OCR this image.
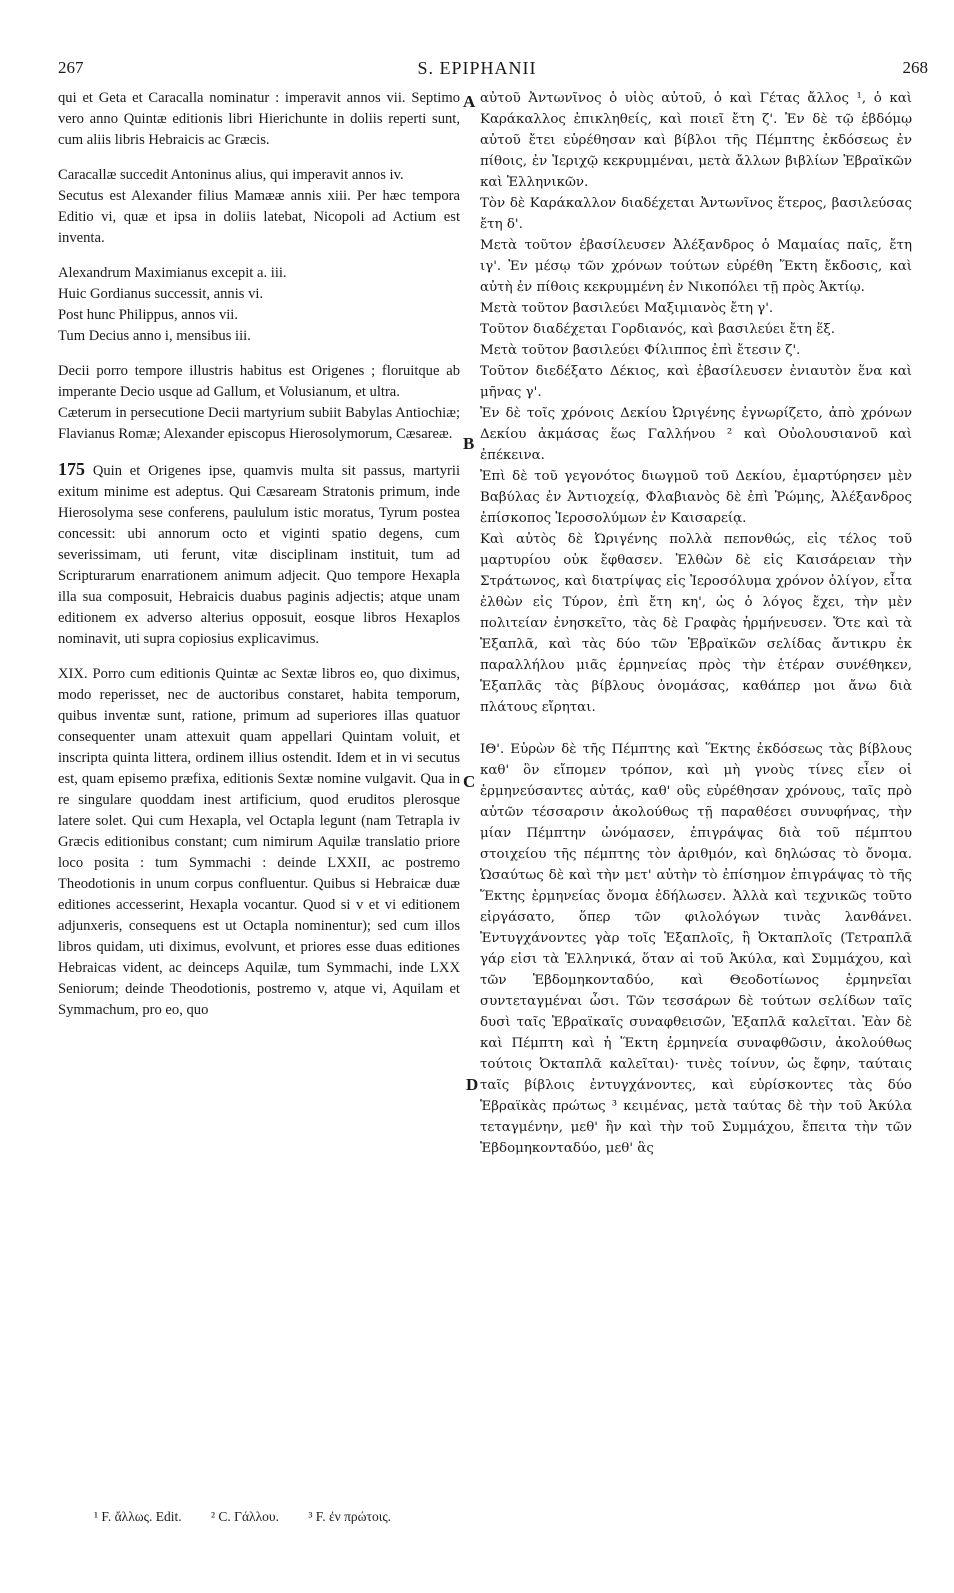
267	S. EPIPHANII	268

qui et Geta et Caracalla nominatur : imperavit annos vii. Septimo vero anno Quintæ editionis libri Hierichunte in doliis reperti sunt, cum aliis libris Hebraicis ac Græcis.

Caracallæ succedit Antoninus alius, qui imperavit annos iv.

Secutus est Alexander filius Mamææ annis xiii. Per hæc tempora Editio vi, quæ et ipsa in doliis latebat, Nicopoli ad Actium est inventa.

Alexandrum Maximianus excepit a. iii.

Huic Gordianus successit, annis vi.

Post hunc Philippus, annos vii.

Tum Decius anno i, mensibus iii.

Decii porro tempore illustris habitus est Origenes ; floruitque ab imperante Decio usque ad Gallum, et Volusianum, et ultra.

Cæterum in persecutione Decii martyrium subiit Babylas Antiochiæ; Flavianus Romæ; Alexander episcopus Hierosolymorum, Cæsareæ.

175 Quin et Origenes ipse, quamvis multa sit passus, martyrii exitum minime est adeptus. Qui Cæsaream Stratonis primum, inde Hierosolyma sese conferens, paululum istic moratus, Tyrum postea concessit: ubi annorum octo et viginti spatio degens, cum severissimam, uti ferunt, vitæ disciplinam instituit, tum ad Scripturarum enarrationem animum adjecit. Quo tempore Hexapla illa sua composuit, Hebraicis duabus paginis adjectis; atque unam editionem ex adverso alterius opposuit, eosque libros Hexaplos nominavit, uti supra copiosius explicavimus.

XIX. Porro cum editionis Quintæ ac Sextæ libros eo, quo diximus, modo reperisset, nec de auctoribus constaret, habita temporum, quibus inventæ sunt, ratione, primum ad superiores illas quatuor consequenter unam attexuit quam appellari Quintam voluit, et inscripta quinta littera, ordinem illius ostendit. Idem et in vi secutus est, quam episemo præfixa, editionis Sextæ nomine vulgavit. Qua in re singulare quoddam inest artificium, quod eruditos plerosque latere solet. Qui cum Hexapla, vel Octapla legunt (nam Tetrapla iv Græcis editionibus constant; cum nimirum Aquilæ translatio priore loco posita : tum Symmachi : deinde LXXII, ac postremo Theodotionis in unum corpus confluentur. Quibus si Hebraicæ duæ editiones accesserint, Hexapla vocantur. Quod si v et vi editionem adjunxeris, consequens est ut Octapla nominentur); sed cum illos libros quidam, uti diximus, evolvunt, et priores esse duas editiones Hebraicas vident, ac deinceps Aquilæ, tum Symmachi, inde LXX Seniorum; deinde Theodotionis, postremo v, atque vi, Aquilam et Symmachum, pro eo, quo

A
B
C
D

αὐτοῦ Ἀντωνῖνος ὁ υἱὸς αὐτοῦ, ὁ καὶ Γέτας ἄλλος ¹, ὁ καὶ Καράκαλλος ἐπικληθείς, καὶ ποιεῖ ἔτη ζ'. Ἐν δὲ τῷ ἑβδόμῳ αὐτοῦ ἔτει εὑρέθησαν καὶ βίβλοι τῆς Πέμπτης ἐκδόσεως ἐν πίθοις, ἐν Ἱεριχῷ κεκρυμμέναι, μετὰ ἄλλων βιβλίων Ἑβραϊκῶν καὶ Ἑλληνικῶν.

Τὸν δὲ Καράκαλλον διαδέχεται Ἀντωνῖνος ἕτερος, βασιλεύσας ἔτη δ'.

Μετὰ τοῦτον ἐβασίλευσεν Ἀλέξανδρος ὁ Μαμαίας παῖς, ἔτη ιγ'. Ἐν μέσῳ τῶν χρόνων τούτων εὑρέθη Ἕκτη ἔκδοσις, καὶ αὐτὴ ἐν πίθοις κεκρυμμένη ἐν Νικοπόλει τῇ πρὸς Ἀκτίῳ.

Μετὰ τοῦτον βασιλεύει Μαξιμιανὸς ἔτη γ'.

Τοῦτον διαδέχεται Γορδιανός, καὶ βασιλεύει ἔτη ἕξ.

Μετὰ τοῦτον βασιλεύει Φίλιππος ἐπὶ ἔτεσιν ζ'.

Τοῦτον διεδέξατο Δέκιος, καὶ ἐβασίλευσεν ἐνιαυτὸν ἕνα καὶ μῆνας γ'.

Ἐν δὲ τοῖς χρόνοις Δεκίου Ὠριγένης ἐγνωρίζετο, ἀπὸ χρόνων Δεκίου ἀκμάσας ἕως Γαλλήνου ² καὶ Οὐολουσιανοῦ καὶ ἐπέκεινα.

Ἐπὶ δὲ τοῦ γεγονότος διωγμοῦ τοῦ Δεκίου, ἐμαρτύρησεν μὲν Βαβύλας ἐν Ἀντιοχείᾳ, Φλαβιανὸς δὲ ἐπὶ Ῥώμης, Ἀλέξανδρος ἐπίσκοπος Ἱεροσολύμων ἐν Καισαρείᾳ.

Καὶ αὐτὸς δὲ Ὠριγένης πολλὰ πεπονθώς, εἰς τέλος τοῦ μαρτυρίου οὐκ ἔφθασεν. Ἐλθὼν δὲ εἰς Καισάρειαν τὴν Στράτωνος, καὶ διατρίψας εἰς Ἱεροσόλυμα χρόνον ὀλίγον, εἶτα ἐλθὼν εἰς Τύρον, ἐπὶ ἔτη κη', ὡς ὁ λόγος ἔχει, τὴν μὲν πολιτείαν ἐνησκεῖτο, τὰς δὲ Γραφὰς ἡρμήνευσεν. Ὅτε καὶ τὰ Ἑξαπλᾶ, καὶ τὰς δύο τῶν Ἑβραϊκῶν σελίδας ἄντικρυ ἐκ παραλλήλου μιᾶς ἑρμηνείας πρὸς τὴν ἑτέραν συνέθηκεν, Ἑξαπλᾶς τὰς βίβλους ὀνομάσας, καθάπερ μοι ἄνω διὰ πλάτους εἴρηται.

ΙΘ'. Εὑρὼν δὲ τῆς Πέμπτης καὶ Ἕκτης ἐκδόσεως τὰς βίβλους καθ' ὃν εἴπομεν τρόπον, καὶ μὴ γνοὺς τίνες εἶεν οἱ ἑρμηνεύσαντες αὐτάς, καθ' οὓς εὑρέθησαν χρόνους, ταῖς πρὸ αὐτῶν τέσσαρσιν ἀκολούθως τῇ παραθέσει συνυφήνας, τὴν μίαν Πέμπτην ὠνόμασεν, ἐπιγράψας διὰ τοῦ πέμπτου στοιχείου τῆς πέμπτης τὸν ἀριθμόν, καὶ δηλώσας τὸ ὄνομα. Ὡσαύτως δὲ καὶ τὴν μετ' αὐτὴν τὸ ἐπίσημον ἐπιγράψας τὸ τῆς Ἕκτης ἑρμηνείας ὄνομα ἐδήλωσεν. Ἀλλὰ καὶ τεχνικῶς τοῦτο εἰργάσατο, ὅπερ τῶν φιλολόγων τινὰς λανθάνει. Ἐντυγχάνοντες γὰρ τοῖς Ἑξαπλοῖς, ἢ Ὀκταπλοῖς (Τετραπλᾶ γάρ εἰσι τὰ Ἑλληνικά, ὅταν αἱ τοῦ Ἀκύλα, καὶ Συμμάχου, καὶ τῶν Ἑβδομηκονταδύο, καὶ Θεοδοτίωνος ἑρμηνεῖαι συντεταγμέναι ὦσι. Τῶν τεσσάρων δὲ τούτων σελίδων ταῖς δυσὶ ταῖς Ἑβραϊκαῖς συναφθεισῶν, Ἑξαπλᾶ καλεῖται. Ἐὰν δὲ καὶ Πέμπτη καὶ ἡ Ἕκτη ἑρμηνεία συναφθῶσιν, ἀκολούθως τούτοις Ὀκταπλᾶ καλεῖται)· τινὲς τοίνυν, ὡς ἔφην, ταύταις ταῖς βίβλοις ἐντυγχάνοντες, καὶ εὑρίσκοντες τὰς δύο Ἑβραϊκὰς πρώτως ³ κειμένας, μετὰ ταύτας δὲ τὴν τοῦ Ἀκύλα τεταγμένην, μεθ' ἣν καὶ τὴν τοῦ Συμμάχου, ἔπειτα τὴν τῶν Ἑβδομηκονταδύο, μεθ' ἃς

¹ F. ἄλλως. Edit. ² C. Γάλλου. ³ F. ἐν πρώτοις.
